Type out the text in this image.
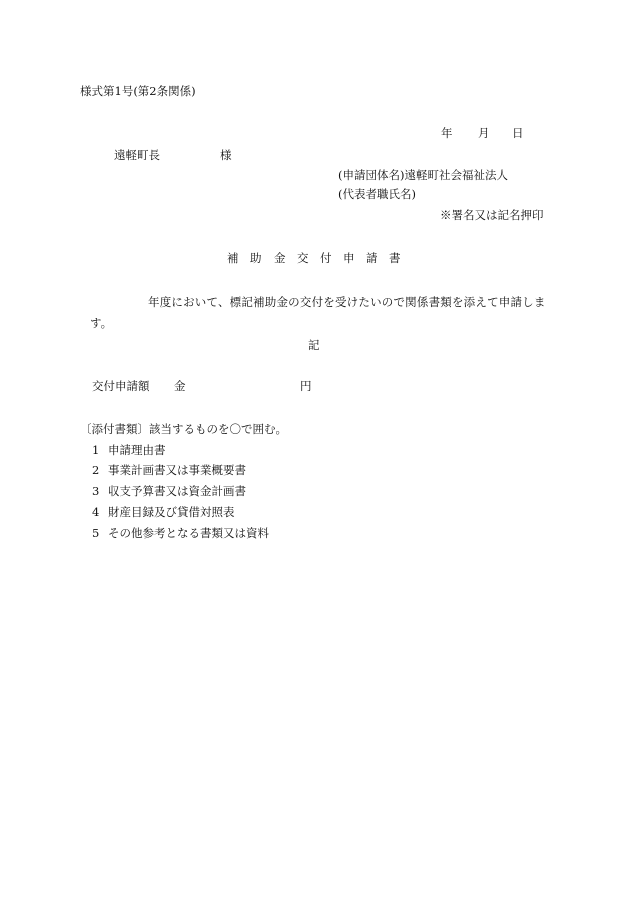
様式第1号(第2条関係)
年 月 日
遠軽町長	様
(申請団体名)遠軽町社会福祉法人
(代表者職氏名)
※署名又は記名押印
補 助 金 交 付 申 請 書
年度において、標記補助金の交付を受けたいので関係書類を添えて申請しま
す。
記
交付申請額 金	円
〔添付書類〕該当するものを〇で囲む。
1 申請理由書
2 事業計画書又は事業概要書
3 収支予算書又は資金計画書
4 財産目録及び貸借対照表
5 その他参考となる書類又は資料
